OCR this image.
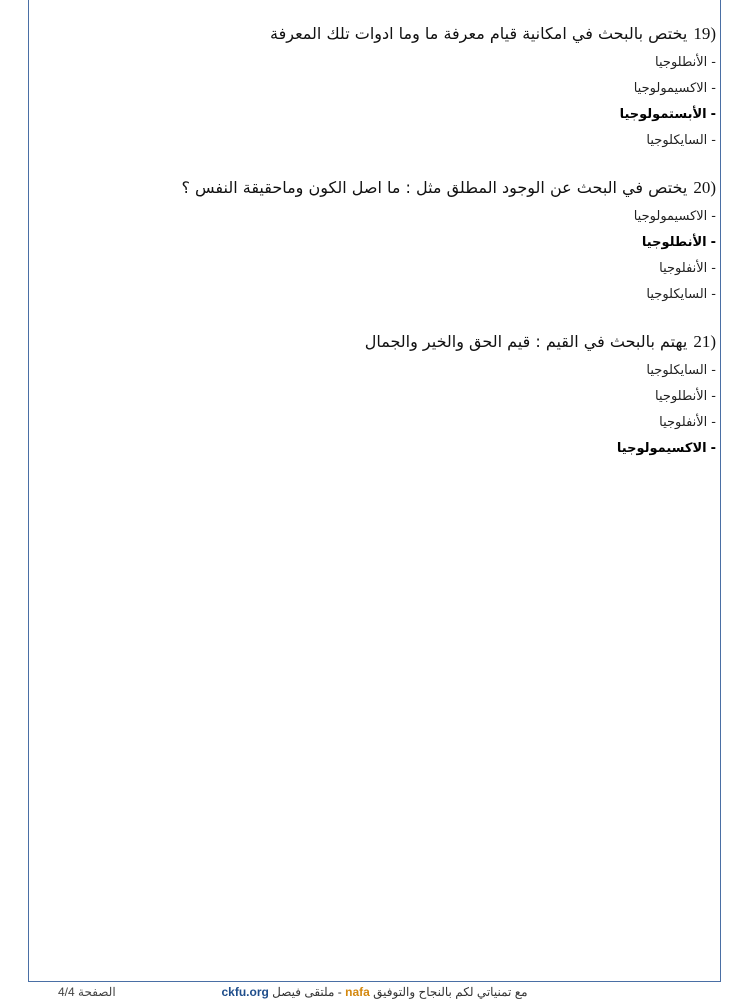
19)
يختص بالبحث في امكانية قيام معرفة ما وما ادوات تلك المعرفة
-الأنطلوجيا
-الاكسيمولوجيا
-الأبستمولوجيا
-السايكلوجيا
20)
يختص في البحث عن الوجود المطلق مثل : ما اصل الكون وماحقيقة النفس ؟
-الاكسيمولوجيا
-الأنطلوجيا
-الأنفلوجيا
-السايكلوجيا
21)
يهتم بالبحث في القيم : قيم الحق والخير والجمال
-السايكلوجيا
-الأنطلوجيا
-الأنفلوجيا
-الاكسيمولوجيا
مع تمنياتي لكم بالنجاح والتوفيق nafa - ملتقى فيصل ckfu.org
الصفحة 4/4
